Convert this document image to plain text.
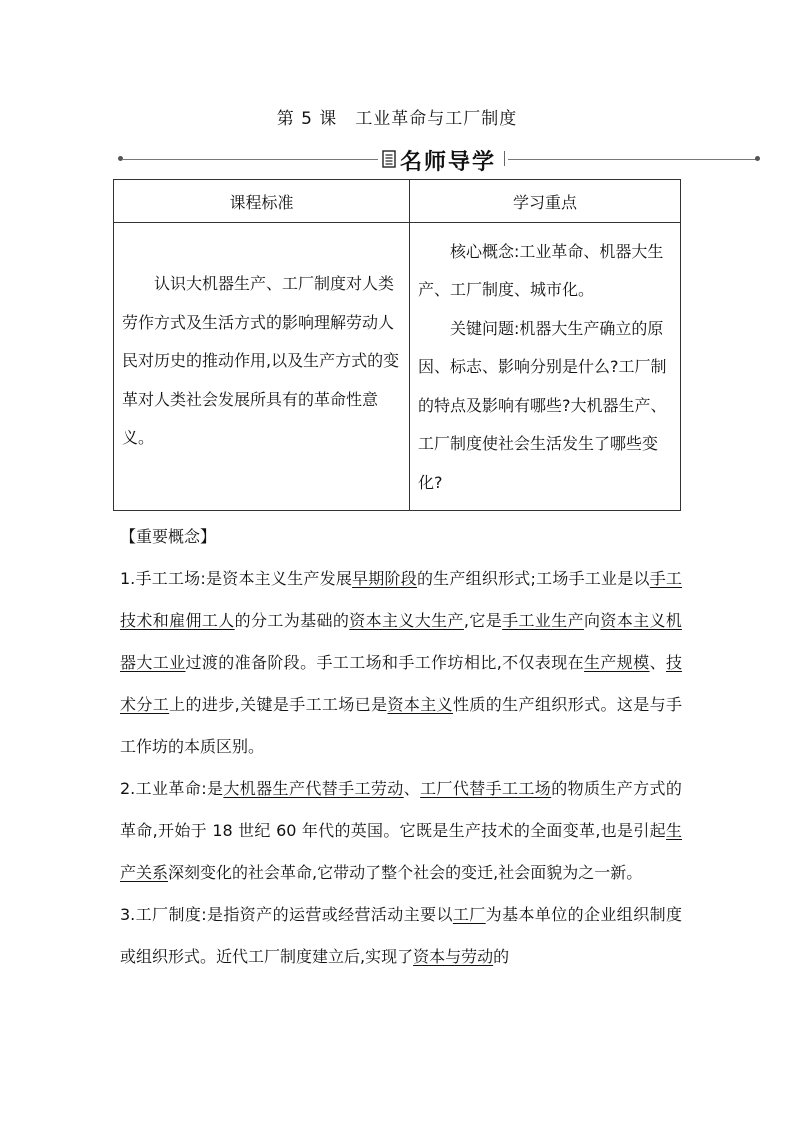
第 5 课 工业革命与工厂制度
名师导学
课程标准	学习重点

认识大机器生产、工厂制度对人类劳作方式及生活方式的影响理解劳动人民对历史的推动作用,以及生产方式的变革对人类社会发展所具有的革命性意义。	核心概念:工业革命、机器大生产、工厂制度、城市化。

关键问题:机器大生产确立的原因、标志、影响分别是什么?工厂制的特点及影响有哪些?大机器生产、工厂制度使社会生活发生了哪些变化?

【重要概念】

1.手工工场:是资本主义生产发展早期阶段的生产组织形式;工场手工业是以手工技术和雇佣工人的分工为基础的资本主义大生产,它是手工业生产向资本主义机器大工业过渡的准备阶段。手工工场和手工作坊相比,不仅表现在生产规模、技术分工上的进步,关键是手工工场已是资本主义性质的生产组织形式。这是与手工作坊的本质区别。

2.工业革命:是大机器生产代替手工劳动、工厂代替手工工场的物质生产方式的革命,开始于 18 世纪 60 年代的英国。它既是生产技术的全面变革,也是引起生产关系深刻变化的社会革命,它带动了整个社会的变迁,社会面貌为之一新。

3.工厂制度:是指资产的运营或经营活动主要以工厂为基本单位的企业组织制度或组织形式。近代工厂制度建立后,实现了资本与劳动的
